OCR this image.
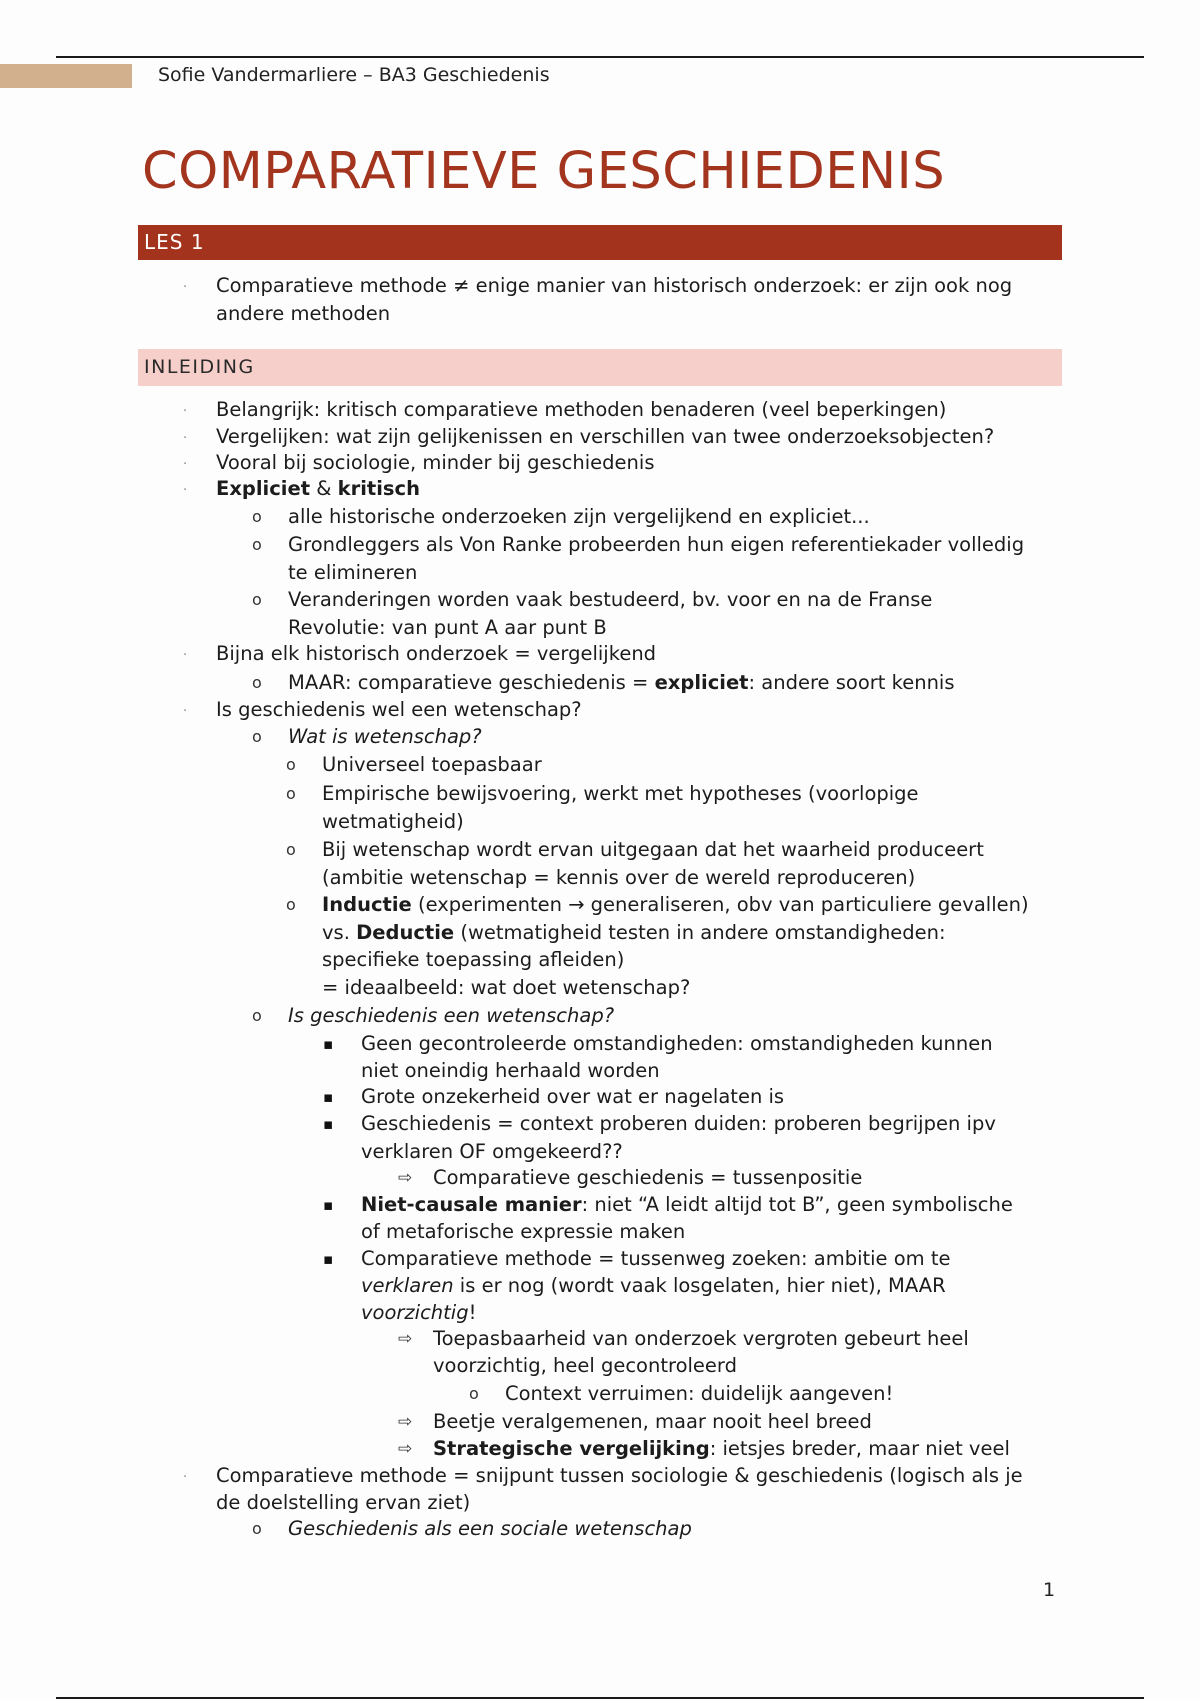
Sofie Vandermarliere – BA3 Geschiedenis
COMPARATIEVE GESCHIEDENIS
LES 1
INLEIDING
· Comparatieve methode ≠ enige manier van historisch onderzoek: er zijn ook nog
andere methoden
· Belangrijk: kritisch comparatieve methoden benaderen (veel beperkingen)
· Vergelijken: wat zijn gelijkenissen en verschillen van twee onderzoeksobjecten?
· Vooral bij sociologie, minder bij geschiedenis
· Expliciet & kritisch
o alle historische onderzoeken zijn vergelijkend en expliciet...
o Grondleggers als Von Ranke probeerden hun eigen referentiekader volledig
te elimineren
o Veranderingen worden vaak bestudeerd, bv. voor en na de Franse
Revolutie: van punt A aar punt B
· Bijna elk historisch onderzoek = vergelijkend
o MAAR: comparatieve geschiedenis = expliciet: andere soort kennis
· Is geschiedenis wel een wetenschap?
o Wat is wetenschap?
o Universeel toepasbaar
o Empirische bewijsvoering, werkt met hypotheses (voorlopige
wetmatigheid)
o Bij wetenschap wordt ervan uitgegaan dat het waarheid produceert
(ambitie wetenschap = kennis over de wereld reproduceren)
o Inductie (experimenten → generaliseren, obv van particuliere gevallen)
vs. Deductie (wetmatigheid testen in andere omstandigheden:
specifieke toepassing afleiden)
= ideaalbeeld: wat doet wetenschap?
o Is geschiedenis een wetenschap?
▪ Geen gecontroleerde omstandigheden: omstandigheden kunnen
niet oneindig herhaald worden
▪ Grote onzekerheid over wat er nagelaten is
▪ Geschiedenis = context proberen duiden: proberen begrijpen ipv
verklaren OF omgekeerd??
⇨ Comparatieve geschiedenis = tussenpositie
▪ Niet-causale manier: niet “A leidt altijd tot B”, geen symbolische
of metaforische expressie maken
▪ Comparatieve methode = tussenweg zoeken: ambitie om te
verklaren is er nog (wordt vaak losgelaten, hier niet), MAAR
voorzichtig!
⇨ Toepasbaarheid van onderzoek vergroten gebeurt heel
voorzichtig, heel gecontroleerd
o Context verruimen: duidelijk aangeven!
⇨ Beetje veralgemenen, maar nooit heel breed
⇨ Strategische vergelijking: ietsjes breder, maar niet veel
· Comparatieve methode = snijpunt tussen sociologie & geschiedenis (logisch als je
de doelstelling ervan ziet)
o Geschiedenis als een sociale wetenschap
1
